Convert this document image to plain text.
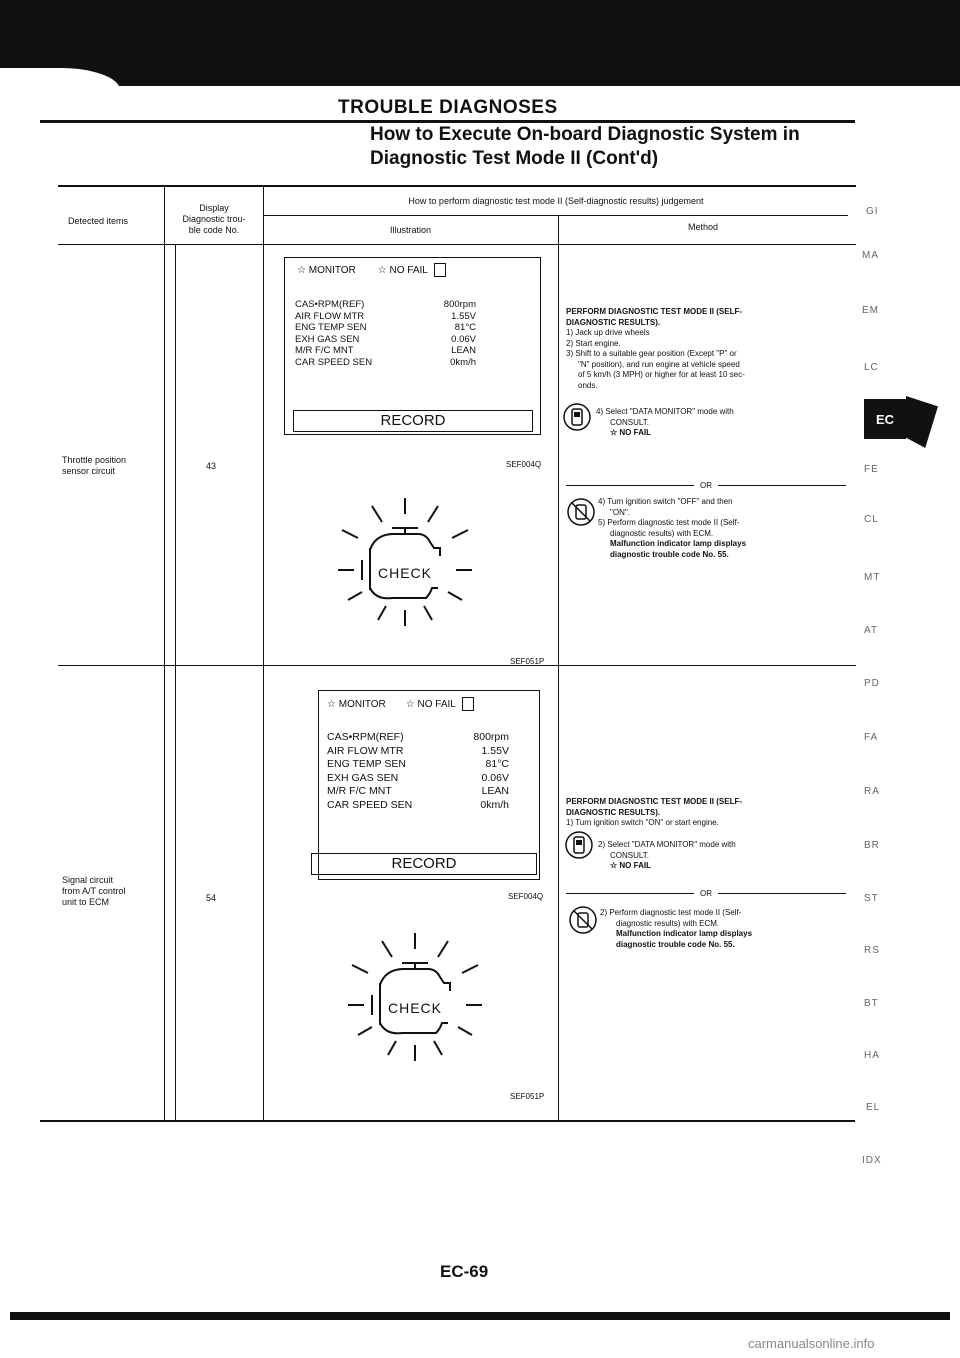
TROUBLE DIAGNOSES
How to Execute On-board Diagnostic System in
Diagnostic Test Mode II (Cont'd)
Detected items
Display
Diagnostic trou-
ble code No.
How to perform diagnostic test mode II (Self-diagnostic results) judgement
Illustration	Method
Throttle position
sensor circuit	43
☆ MONITOR ☆ NO FAIL
CAS•RPM(REF)	800rpm
AIR FLOW MTR	1.55V
ENG TEMP SEN	81°C
EXH GAS SEN	0.06V
M/R F/C MNT	LEAN
CAR SPEED SEN	0km/h
RECORD
SEF004Q
CHECK
SEF051P
PERFORM DIAGNOSTIC TEST MODE II (SELF-
DIAGNOSTIC RESULTS).
1) Jack up drive wheels
2) Start engine.
3) Shift to a suitable gear position (Except "P" or
"N" position), and run engine at vehicle speed
of 5 km/h (3 MPH) or higher for at least 10 sec-
onds.
4) Select "DATA MONITOR" mode with
CONSULT.
☆ NO FAIL
OR
4) Turn ignition switch "OFF" and then
"ON".
5) Perform diagnostic test mode II (Self-
diagnostic results) with ECM.
Malfunction indicator lamp displays
diagnostic trouble code No. 55.
Signal circuit
from A/T control
unit to ECM	54
☆ MONITOR ☆ NO FAIL
CAS•RPM(REF)	800rpm
AIR FLOW MTR	1.55V
ENG TEMP SEN	81°C
EXH GAS SEN	0.06V
M/R F/C MNT	LEAN
CAR SPEED SEN	0km/h
RECORD
SEF004Q
CHECK
SEF051P
PERFORM DIAGNOSTIC TEST MODE II (SELF-
DIAGNOSTIC RESULTS).
1) Turn ignition switch "ON" or start engine.
2) Select "DATA MONITOR" mode with
CONSULT.
☆ NO FAIL
OR
2) Perform diagnostic test mode II (Self-
diagnostic results) with ECM.
Malfunction indicator lamp displays
diagnostic trouble code No. 55.
GI
MA
EM
LC
EC
FE
CL
MT
AT
PD
FA
RA
BR
ST
RS
BT
HA
EL
IDX
EC-69
carmanualsonline.info
